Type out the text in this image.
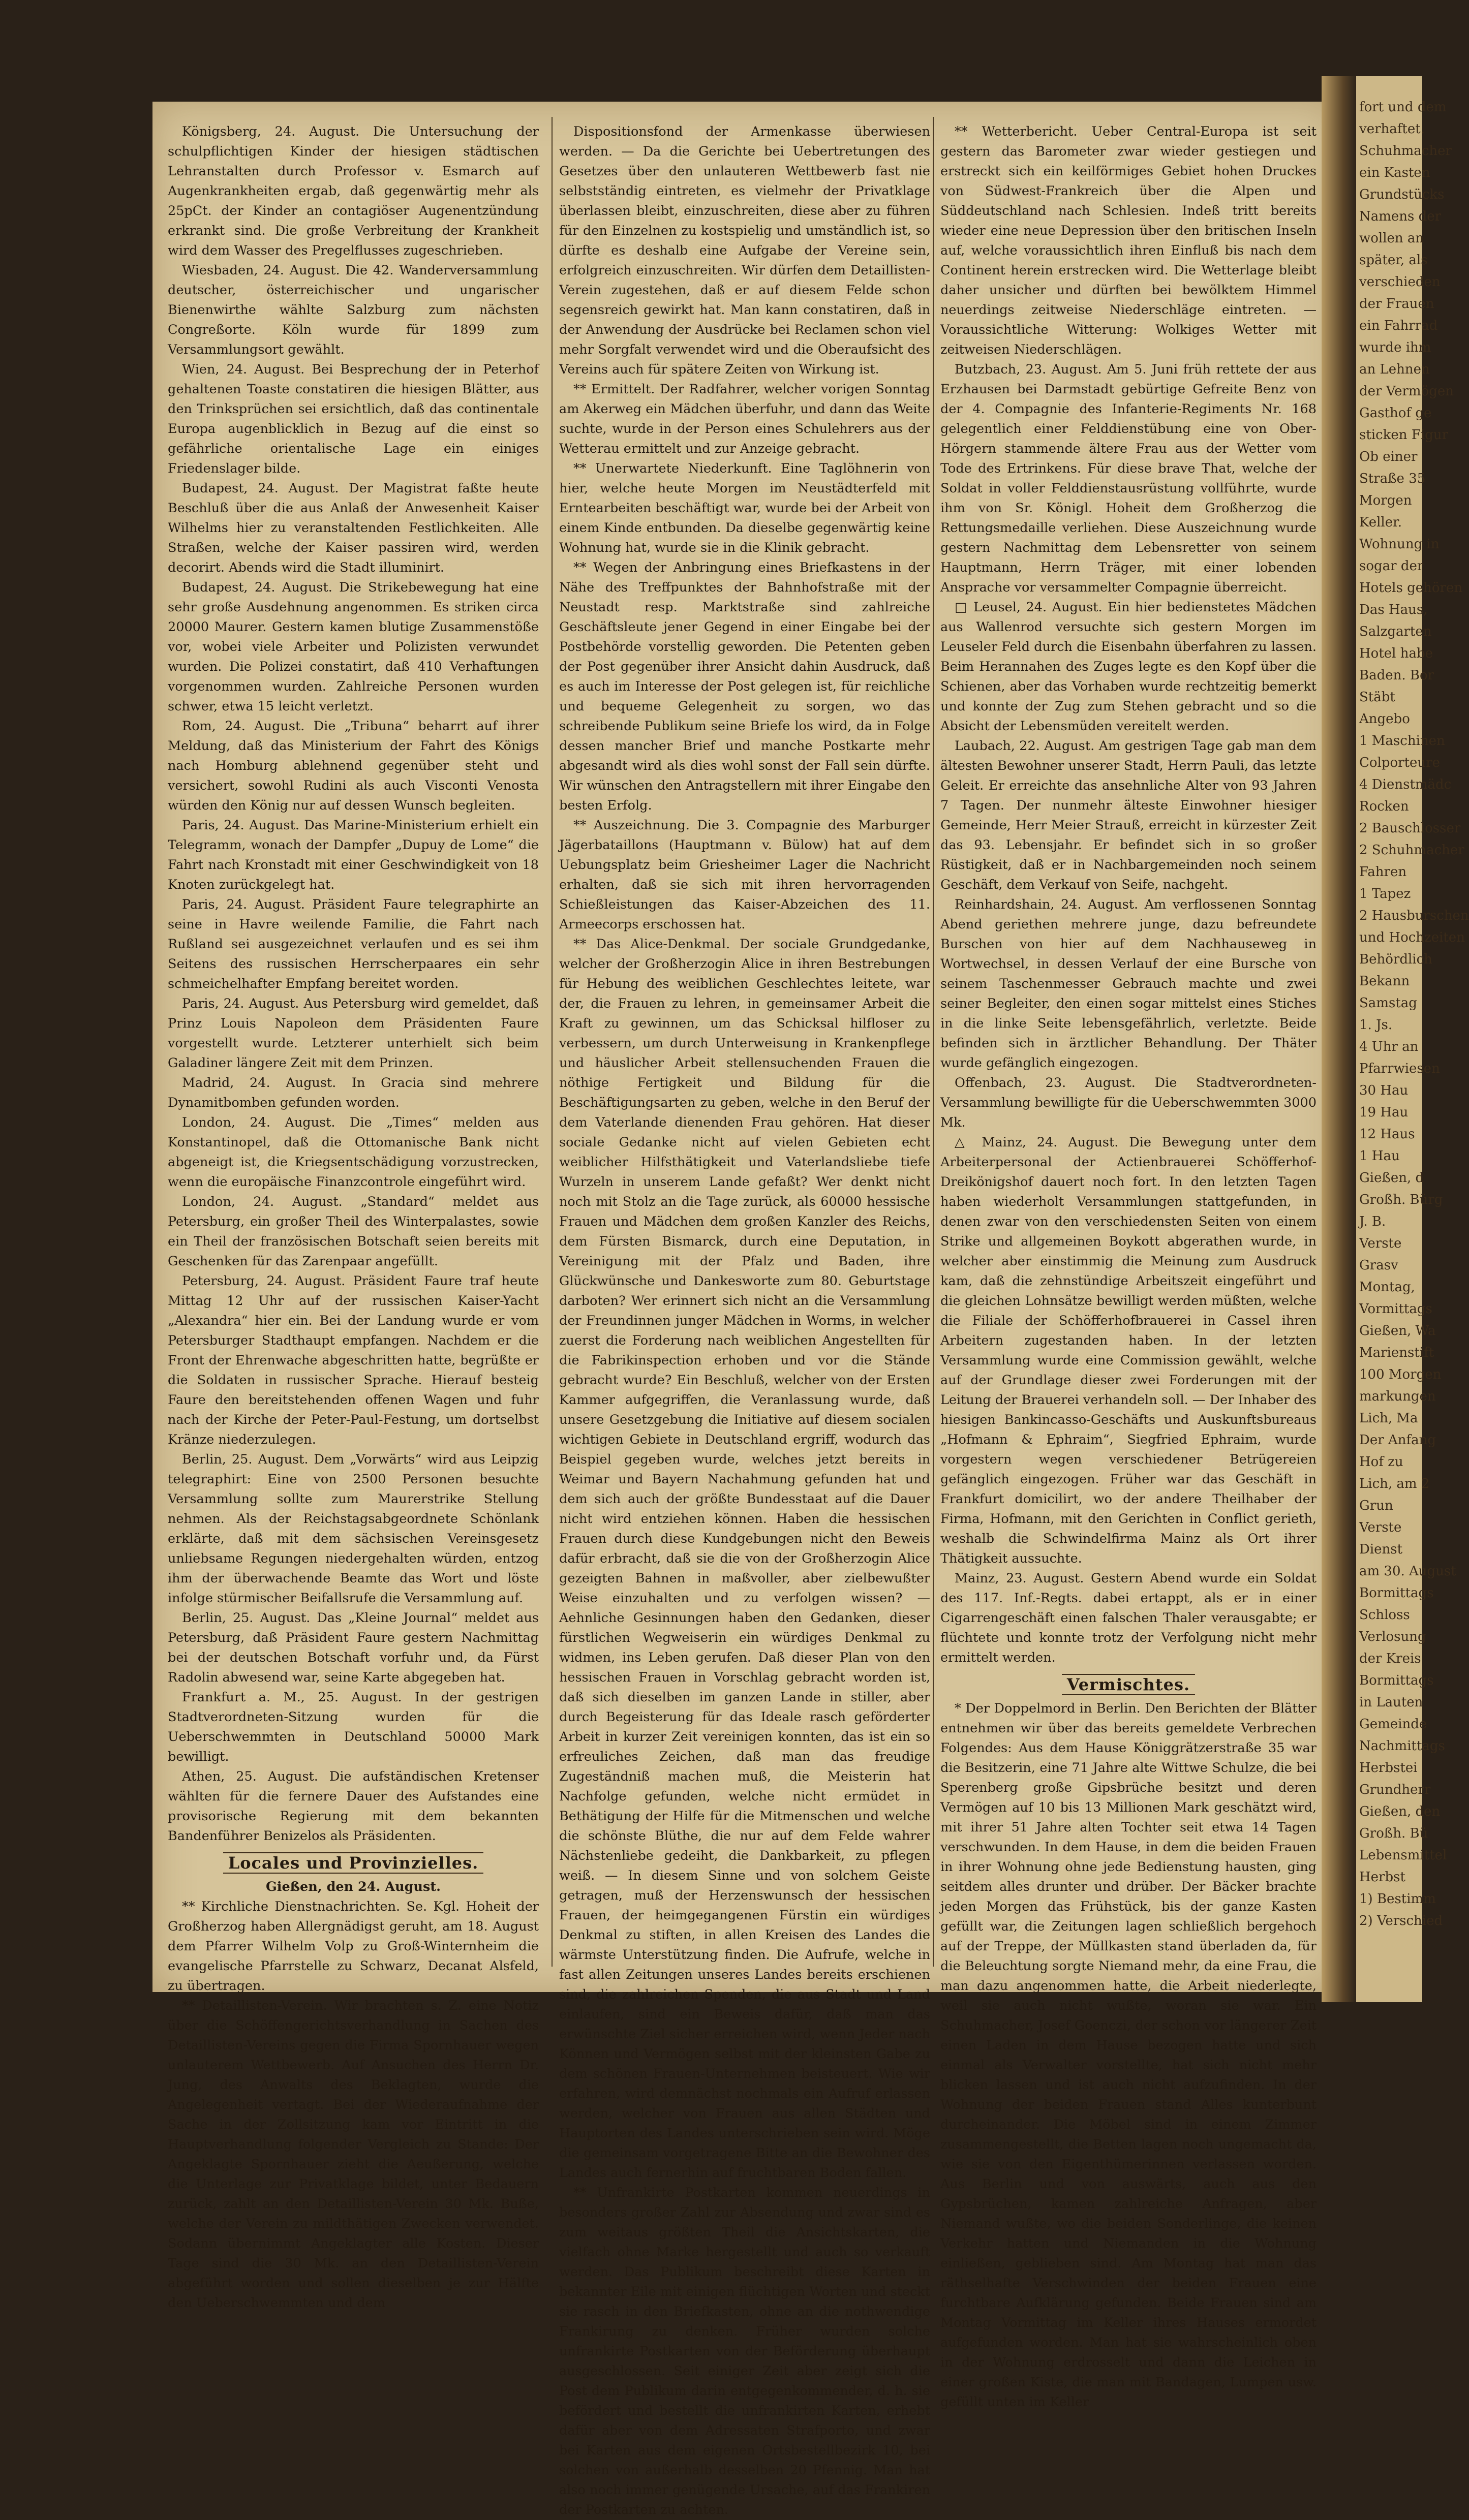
fort und dem
verhaftet.
Schuhmacher
ein Kasten
Grundstücks
Namens der
wollen an
später, als
verschieden
der Frauen
ein Fahrrad
wurde ihm
an Lehnen
der Vermögen
Gasthof ge
sticken Figur
Ob einer
Straße 35
Morgen
Keller.
Wohnung in
sogar der
Hotels gehören
Das Haus,
Salzgarten
Hotel habe
Baden. Bor
Stäbt
Angebo
1 Maschinen
Colporteure
4 Dienstmädc
Rocken
2 Bauschlosser
2 Schuhmacher
Fahren
1 Tapez
2 Hausburschen
und Hochzeiten
Behördlich
Bekann
Samstag
1. Js.
4 Uhr an
Pfarrwiesen
30 Hau
19 Hau
12 Haus
1 Hau
Gießen, d
Großh. Bürg
J. B.
Verste
Grasv
Montag,
Vormittags
Gießen, Wa
Marienstift
100 Morgen
markungen
Lich, Ma
Der Anfang
Hof zu
Lich, am 2
Grun
Verste
Dienst
am 30. August
Bormittags
Schloss
Verlosung
der Kreis
Bormittags
in Lauten
Gemeinde
Nachmittags
Herbstei
Grundherr
Gießen, den
Großh. Bü
Lebensmittel
Herbst
1) Bestimm
2) Verschied

Königsberg, 24. August. Die Untersuchung der schulpflichtigen Kinder der hiesigen städtischen Lehranstalten durch Professor v. Esmarch auf Augenkrankheiten ergab, daß gegenwärtig mehr als 25pCt. der Kinder an contagiöser Augenentzündung erkrankt sind. Die große Verbreitung der Krankheit wird dem Wasser des Pregelflusses zugeschrieben.

Wiesbaden, 24. August. Die 42. Wanderversammlung deutscher, österreichischer und ungarischer Bienenwirthe wählte Salzburg zum nächsten Congreßorte. Köln wurde für 1899 zum Versammlungsort gewählt.

Wien, 24. August. Bei Besprechung der in Peterhof gehaltenen Toaste constatiren die hiesigen Blätter, aus den Trinksprüchen sei ersichtlich, daß das continentale Europa augenblicklich in Bezug auf die einst so gefährliche orientalische Lage ein einiges Friedenslager bilde.

Budapest, 24. August. Der Magistrat faßte heute Beschluß über die aus Anlaß der Anwesenheit Kaiser Wilhelms hier zu veranstaltenden Festlichkeiten. Alle Straßen, welche der Kaiser passiren wird, werden decorirt. Abends wird die Stadt illuminirt.

Budapest, 24. August. Die Strikebewegung hat eine sehr große Ausdehnung angenommen. Es striken circa 20000 Maurer. Gestern kamen blutige Zusammenstöße vor, wobei viele Arbeiter und Polizisten verwundet wurden. Die Polizei constatirt, daß 410 Verhaftungen vorgenommen wurden. Zahlreiche Personen wurden schwer, etwa 15 leicht verletzt.

Rom, 24. August. Die „Tribuna“ beharrt auf ihrer Meldung, daß das Ministerium der Fahrt des Königs nach Homburg ablehnend gegenüber steht und versichert, sowohl Rudini als auch Visconti Venosta würden den König nur auf dessen Wunsch begleiten.

Paris, 24. August. Das Marine-Ministerium erhielt ein Telegramm, wonach der Dampfer „Dupuy de Lome“ die Fahrt nach Kronstadt mit einer Geschwindigkeit von 18 Knoten zurückgelegt hat.

Paris, 24. August. Präsident Faure telegraphirte an seine in Havre weilende Familie, die Fahrt nach Rußland sei ausgezeichnet verlaufen und es sei ihm Seitens des russischen Herrscherpaares ein sehr schmeichelhafter Empfang bereitet worden.

Paris, 24. August. Aus Petersburg wird gemeldet, daß Prinz Louis Napoleon dem Präsidenten Faure vorgestellt wurde. Letzterer unterhielt sich beim Galadiner längere Zeit mit dem Prinzen.

Madrid, 24. August. In Gracia sind mehrere Dynamitbomben gefunden worden.

London, 24. August. Die „Times“ melden aus Konstantinopel, daß die Ottomanische Bank nicht abgeneigt ist, die Kriegsentschädigung vorzustrecken, wenn die europäische Finanzcontrole eingeführt wird.

London, 24. August. „Standard“ meldet aus Petersburg, ein großer Theil des Winterpalastes, sowie ein Theil der französischen Botschaft seien bereits mit Geschenken für das Zarenpaar angefüllt.

Petersburg, 24. August. Präsident Faure traf heute Mittag 12 Uhr auf der russischen Kaiser-Yacht „Alexandra“ hier ein. Bei der Landung wurde er vom Petersburger Stadthaupt empfangen. Nachdem er die Front der Ehrenwache abgeschritten hatte, begrüßte er die Soldaten in russischer Sprache. Hierauf besteig Faure den bereitstehenden offenen Wagen und fuhr nach der Kirche der Peter-Paul-Festung, um dortselbst Kränze niederzulegen.

Berlin, 25. August. Dem „Vorwärts“ wird aus Leipzig telegraphirt: Eine von 2500 Personen besuchte Versammlung sollte zum Maurerstrike Stellung nehmen. Als der Reichstagsabgeordnete Schönlank erklärte, daß mit dem sächsischen Vereinsgesetz unliebsame Regungen niedergehalten würden, entzog ihm der überwachende Beamte das Wort und löste infolge stürmischer Beifallsrufe die Versammlung auf.

Berlin, 25. August. Das „Kleine Journal“ meldet aus Petersburg, daß Präsident Faure gestern Nachmittag bei der deutschen Botschaft vorfuhr und, da Fürst Radolin abwesend war, seine Karte abgegeben hat.

Frankfurt a. M., 25. August. In der gestrigen Stadtverordneten-Sitzung wurden für die Ueberschwemmten in Deutschland 50000 Mark bewilligt.

Athen, 25. August. Die aufständischen Kretenser wählten für die fernere Dauer des Aufstandes eine provisorische Regierung mit dem bekannten Bandenführer Benizelos als Präsidenten.

Locales und Provinzielles.
Gießen, den 24. August.

** Kirchliche Dienstnachrichten. Se. Kgl. Hoheit der Großherzog haben Allergnädigst geruht, am 18. August dem Pfarrer Wilhelm Volp zu Groß-Winternheim die evangelische Pfarrstelle zu Schwarz, Decanat Alsfeld, zu übertragen.

** Detaillisten-Verein. Wir brachten s. Z. eine Notiz über die Schöffengerichtsverhandlung in Sachen des Detaillisten-Vereins gegen die Firma Spornhauer wegen unlauterem Wettbewerb. Auf Ansuchen des Herrn Dr. Jung, des Anwalts des Beklagten, wurde die Angelegenheit vertagt. Bei der Wiederaufnahme der Sache in der Zollsitzung kam vor Eintritt in die Hauptverhandlung folgender Vergleich zu Stande: Der Angeklagte Spornhauer zieht die Aeußerung, welche die Unterlage zur Privatklage bildet, unter Bedauern zurück, zahlt an den Detaillisten-Verein 30 Mk. Buße, welche der Verein zu mildthätigen Zwecken verwendet. Sodann übernimmt Angeklagter alle Kosten. Dieser Tage sind die 30 Mk. an den Detaillisten-Verein abgeführt worden und sollen dieselben je zur Hälfte den Ueberschwemmten und dem

Dispositionsfond der Armenkasse überwiesen werden. — Da die Gerichte bei Uebertretungen des Gesetzes über den unlauteren Wettbewerb fast nie selbstständig eintreten, es vielmehr der Privatklage überlassen bleibt, einzuschreiten, diese aber zu führen für den Einzelnen zu kostspielig und umständlich ist, so dürfte es deshalb eine Aufgabe der Vereine sein, erfolgreich einzuschreiten. Wir dürfen dem Detaillisten-Verein zugestehen, daß er auf diesem Felde schon segensreich gewirkt hat. Man kann constatiren, daß in der Anwendung der Ausdrücke bei Reclamen schon viel mehr Sorgfalt verwendet wird und die Oberaufsicht des Vereins auch für spätere Zeiten von Wirkung ist.

** Ermittelt. Der Radfahrer, welcher vorigen Sonntag am Akerweg ein Mädchen überfuhr, und dann das Weite suchte, wurde in der Person eines Schulehrers aus der Wetterau ermittelt und zur Anzeige gebracht.

** Unerwartete Niederkunft. Eine Taglöhnerin von hier, welche heute Morgen im Neustädterfeld mit Erntearbeiten beschäftigt war, wurde bei der Arbeit von einem Kinde entbunden. Da dieselbe gegenwärtig keine Wohnung hat, wurde sie in die Klinik gebracht.

** Wegen der Anbringung eines Briefkastens in der Nähe des Treffpunktes der Bahnhofstraße mit der Neustadt resp. Marktstraße sind zahlreiche Geschäftsleute jener Gegend in einer Eingabe bei der Postbehörde vorstellig geworden. Die Petenten geben der Post gegenüber ihrer Ansicht dahin Ausdruck, daß es auch im Interesse der Post gelegen ist, für reichliche und bequeme Gelegenheit zu sorgen, wo das schreibende Publikum seine Briefe los wird, da in Folge dessen mancher Brief und manche Postkarte mehr abgesandt wird als dies wohl sonst der Fall sein dürfte. Wir wünschen den Antragstellern mit ihrer Eingabe den besten Erfolg.

** Auszeichnung. Die 3. Compagnie des Marburger Jägerbataillons (Hauptmann v. Bülow) hat auf dem Uebungsplatz beim Griesheimer Lager die Nachricht erhalten, daß sie sich mit ihren hervorragenden Schießleistungen das Kaiser-Abzeichen des 11. Armeecorps erschossen hat.

** Das Alice-Denkmal. Der sociale Grundgedanke, welcher der Großherzogin Alice in ihren Bestrebungen für Hebung des weiblichen Geschlechtes leitete, war der, die Frauen zu lehren, in gemeinsamer Arbeit die Kraft zu gewinnen, um das Schicksal hilfloser zu verbessern, um durch Unterweisung in Krankenpflege und häuslicher Arbeit stellensuchenden Frauen die nöthige Fertigkeit und Bildung für die Beschäftigungsarten zu geben, welche in den Beruf der dem Vaterlande dienenden Frau gehören. Hat dieser sociale Gedanke nicht auf vielen Gebieten echt weiblicher Hilfsthätigkeit und Vaterlandsliebe tiefe Wurzeln in unserem Lande gefaßt? Wer denkt nicht noch mit Stolz an die Tage zurück, als 60000 hessische Frauen und Mädchen dem großen Kanzler des Reichs, dem Fürsten Bismarck, durch eine Deputation, in Vereinigung mit der Pfalz und Baden, ihre Glückwünsche und Dankesworte zum 80. Geburtstage darboten? Wer erinnert sich nicht an die Versammlung der Freundinnen junger Mädchen in Worms, in welcher zuerst die Forderung nach weiblichen Angestellten für die Fabrikinspection erhoben und vor die Stände gebracht wurde? Ein Beschluß, welcher von der Ersten Kammer aufgegriffen, die Veranlassung wurde, daß unsere Gesetzgebung die Initiative auf diesem socialen wichtigen Gebiete in Deutschland ergriff, wodurch das Beispiel gegeben wurde, welches jetzt bereits in Weimar und Bayern Nachahmung gefunden hat und dem sich auch der größte Bundesstaat auf die Dauer nicht wird entziehen können. Haben die hessischen Frauen durch diese Kundgebungen nicht den Beweis dafür erbracht, daß sie die von der Großherzogin Alice gezeigten Bahnen in maßvoller, aber zielbewußter Weise einzuhalten und zu verfolgen wissen? — Aehnliche Gesinnungen haben den Gedanken, dieser fürstlichen Wegweiserin ein würdiges Denkmal zu widmen, ins Leben gerufen. Daß dieser Plan von den hessischen Frauen in Vorschlag gebracht worden ist, daß sich dieselben im ganzen Lande in stiller, aber durch Begeisterung für das Ideale rasch geförderter Arbeit in kurzer Zeit vereinigen konnten, das ist ein so erfreuliches Zeichen, daß man das freudige Zugeständniß machen muß, die Meisterin hat Nachfolge gefunden, welche nicht ermüdet in Bethätigung der Hilfe für die Mitmenschen und welche die schönste Blüthe, die nur auf dem Felde wahrer Nächstenliebe gedeiht, die Dankbarkeit, zu pflegen weiß. — In diesem Sinne und von solchem Geiste getragen, muß der Herzenswunsch der hessischen Frauen, der heimgegangenen Fürstin ein würdiges Denkmal zu stiften, in allen Kreisen des Landes die wärmste Unterstützung finden. Die Aufrufe, welche in fast allen Zeitungen unseres Landes bereits erschienen sind, die zahlreichen Spenden, die aus Stadt und Land einlaufen, sind ein Beweis dafür, daß man das erwünschte Ziel sicher erreichen wird, wenn Jeder nach Können und Vermögen selbst mit der kleinsten Gabe zu dem schönen Frauen-Unternehmen beisteuert. Wie wir erfahren, wird demnächst nochmals ein Aufruf erlassen werden, welcher von Frauen aus allen Städten und Hauptorten des Landes unterschrieben sein wird. Möge die gemeinsam vorgetragene Bitte an die Bewohner des Landes auch fernerhin auf fruchtbaren Boden fallen.

** Unfrankirte Postkarten kommen neuerdings in besonders großer Zahl zur Absendung und zwar sind es zum weitaus größten Theil die Ansichtskarten, die vielfach ohne Marke hergestellt und auch so verkauft werden. Das Publikum beschreibt diese Karten in bekannter Eile mit einigen flüchtigen Worten und steckt sie rasch in den Briefkasten, ohne an die nothwendige Frankirung zu denken. Früher wurden solche unfrankirte Postkarten von der Beförderung überhaupt ausgeschlossen. Seit einiger Zeit aber zeigt sich die Post dem Publikum darin entgegenkommender, d. h. sie befördert und bestellt die unfrankirten Karten, erhebt dafür aber von dem Adressaten Strafporto, und zwar bei Karten aus dem eigenen Ortsbestellbezirk 10, bei solchen von außerhalb desselben 20 Pfennig. Man hat also noch immer genügende Ursache, auf das Frankiren der Postkarten zu achten.

** Wetterbericht. Ueber Central-Europa ist seit gestern das Barometer zwar wieder gestiegen und erstreckt sich ein keilförmiges Gebiet hohen Druckes von Südwest-Frankreich über die Alpen und Süddeutschland nach Schlesien. Indeß tritt bereits wieder eine neue Depression über den britischen Inseln auf, welche voraussichtlich ihren Einfluß bis nach dem Continent herein erstrecken wird. Die Wetterlage bleibt daher unsicher und dürften bei bewölktem Himmel neuerdings zeitweise Niederschläge eintreten. — Voraussichtliche Witterung: Wolkiges Wetter mit zeitweisen Niederschlägen.

Butzbach, 23. August. Am 5. Juni früh rettete der aus Erzhausen bei Darmstadt gebürtige Gefreite Benz von der 4. Compagnie des Infanterie-Regiments Nr. 168 gelegentlich einer Felddienstübung eine von Ober-Hörgern stammende ältere Frau aus der Wetter vom Tode des Ertrinkens. Für diese brave That, welche der Soldat in voller Felddienstausrüstung vollführte, wurde ihm von Sr. Königl. Hoheit dem Großherzog die Rettungsmedaille verliehen. Diese Auszeichnung wurde gestern Nachmittag dem Lebensretter von seinem Hauptmann, Herrn Träger, mit einer lobenden Ansprache vor versammelter Compagnie überreicht.

□ Leusel, 24. August. Ein hier bedienstetes Mädchen aus Wallenrod versuchte sich gestern Morgen im Leuseler Feld durch die Eisenbahn überfahren zu lassen. Beim Herannahen des Zuges legte es den Kopf über die Schienen, aber das Vorhaben wurde rechtzeitig bemerkt und konnte der Zug zum Stehen gebracht und so die Absicht der Lebensmüden vereitelt werden.

Laubach, 22. August. Am gestrigen Tage gab man dem ältesten Bewohner unserer Stadt, Herrn Pauli, das letzte Geleit. Er erreichte das ansehnliche Alter von 93 Jahren 7 Tagen. Der nunmehr älteste Einwohner hiesiger Gemeinde, Herr Meier Strauß, erreicht in kürzester Zeit das 93. Lebensjahr. Er befindet sich in so großer Rüstigkeit, daß er in Nachbargemeinden noch seinem Geschäft, dem Verkauf von Seife, nachgeht.

Reinhardshain, 24. August. Am verflossenen Sonntag Abend geriethen mehrere junge, dazu befreundete Burschen von hier auf dem Nachhauseweg in Wortwechsel, in dessen Verlauf der eine Bursche von seinem Taschenmesser Gebrauch machte und zwei seiner Begleiter, den einen sogar mittelst eines Stiches in die linke Seite lebensgefährlich, verletzte. Beide befinden sich in ärztlicher Behandlung. Der Thäter wurde gefänglich eingezogen.

Offenbach, 23. August. Die Stadtverordneten-Versammlung bewilligte für die Ueberschwemmten 3000 Mk.

△ Mainz, 24. August. Die Bewegung unter dem Arbeiterpersonal der Actienbrauerei Schöfferhof-Dreikönigshof dauert noch fort. In den letzten Tagen haben wiederholt Versammlungen stattgefunden, in denen zwar von den verschiedensten Seiten von einem Strike und allgemeinen Boykott abgerathen wurde, in welcher aber einstimmig die Meinung zum Ausdruck kam, daß die zehnstündige Arbeitszeit eingeführt und die gleichen Lohnsätze bewilligt werden müßten, welche die Filiale der Schöfferhofbrauerei in Cassel ihren Arbeitern zugestanden haben. In der letzten Versammlung wurde eine Commission gewählt, welche auf der Grundlage dieser zwei Forderungen mit der Leitung der Brauerei verhandeln soll. — Der Inhaber des hiesigen Bankincasso-Geschäfts und Auskunftsbureaus „Hofmann & Ephraim“, Siegfried Ephraim, wurde vorgestern wegen verschiedener Betrügereien gefänglich eingezogen. Früher war das Geschäft in Frankfurt domicilirt, wo der andere Theilhaber der Firma, Hofmann, mit den Gerichten in Conflict gerieth, weshalb die Schwindelfirma Mainz als Ort ihrer Thätigkeit aussuchte.

Mainz, 23. August. Gestern Abend wurde ein Soldat des 117. Inf.-Regts. dabei ertappt, als er in einer Cigarrengeschäft einen falschen Thaler verausgabte; er flüchtete und konnte trotz der Verfolgung nicht mehr ermittelt werden.

Vermischtes.

* Der Doppelmord in Berlin. Den Berichten der Blätter entnehmen wir über das bereits gemeldete Verbrechen Folgendes: Aus dem Hause Königgrätzerstraße 35 war die Besitzerin, eine 71 Jahre alte Wittwe Schulze, die bei Sperenberg große Gipsbrüche besitzt und deren Vermögen auf 10 bis 13 Millionen Mark geschätzt wird, mit ihrer 51 Jahre alten Tochter seit etwa 14 Tagen verschwunden. In dem Hause, in dem die beiden Frauen in ihrer Wohnung ohne jede Bedienstung hausten, ging seitdem alles drunter und drüber. Der Bäcker brachte jeden Morgen das Frühstück, bis der ganze Kasten gefüllt war, die Zeitungen lagen schließlich bergehoch auf der Treppe, der Müllkasten stand überladen da, für die Beleuchtung sorgte Niemand mehr, da eine Frau, die man dazu angenommen hatte, die Arbeit niederlegte, weil sie auch nicht wußte, woran sie war. Ein Schuhmacher, Josef Goenczi, der schon vor längerer Zeit einen Laden in dem Hause bezogen hatte und sich einmal als Verwalter vorstellte, hat sich nicht mehr blicken lassen und ist auch nicht aufzufinden. In der Wohnung der beiden Frauen stand Alles kunterbunt durcheinander. Die Möbel sind in einem Zimmer zusammengestellt, die Betten lagen noch ungemacht da, wie sie von den Eigenthümerinnen verlassen worden. Aus Berlin und von auswärts, auch aus den Gypsbrüchen, kamen zahlreiche Anfragen, aber Niemand wußte, wo die beiden Sonderlinge, die keinen Verkehr hatten und Niemanden in die Wohnung einließen, geblieben sind. Am Montag hat man das räthselhafte Verschwinden der beiden Frauen eine furchtbare Aufklärung gefunden. Beide Frauen sind am Montag Vormittag im Keller ihres Hauses ermordet aufgefunden worden. Man hat sie wahrscheinlich oben in der Wohnung erdrosselt und dann die Leichen in einer großen Kiste, die man mit Bandagen, Lumpen usw. gefüllt unten im Keller
